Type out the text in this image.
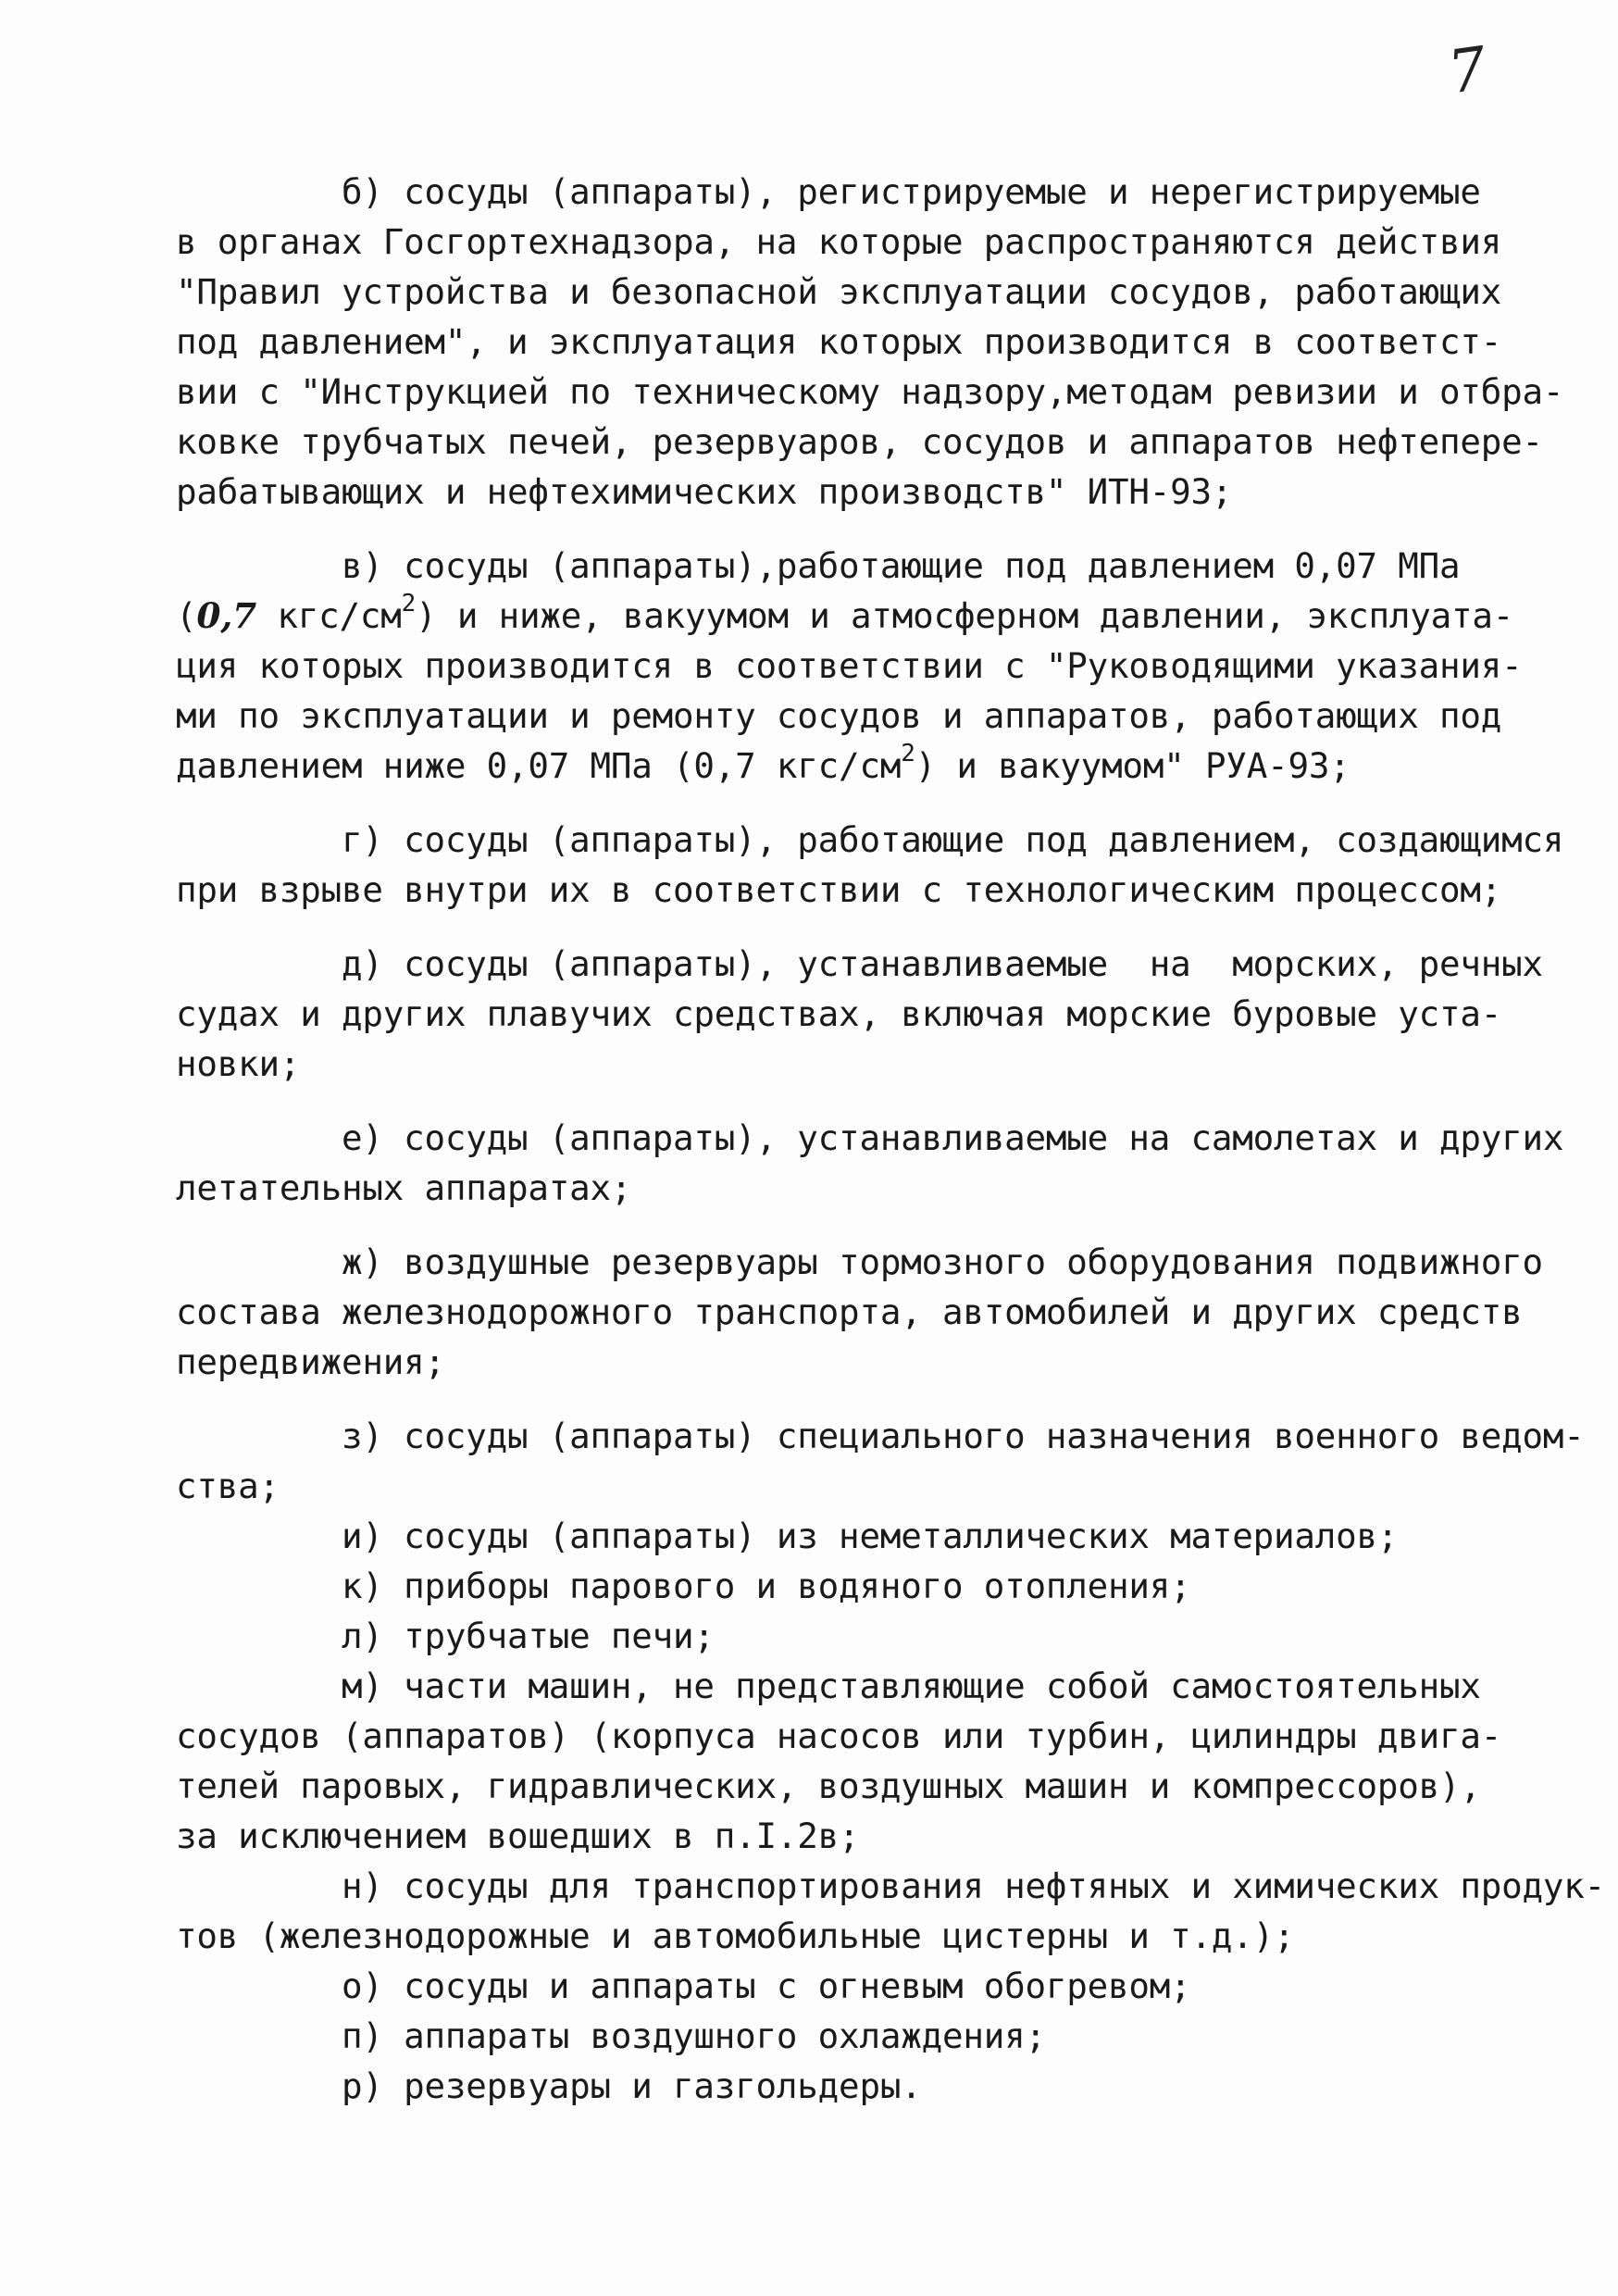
7

б) сосуды (аппараты), регистрируемые и нерегистрируемые
в органах Госгортехнадзора, на которые распространяются действия
"Правил устройства и безопасной эксплуатации сосудов, работающих
под давлением", и эксплуатация которых производится в соответст-
вии с "Инструкцией по техническому надзору,методам ревизии и отбра-
ковке трубчатых печей, резервуаров, сосудов и аппаратов нефтепере-
рабатывающих и нефтехимических производств" ИТН-93;

в) сосуды (аппараты),работающие под давлением 0,07 МПа
(0,7 кгс/$см^2$) и ниже, вакуумом и атмосферном давлении, эксплуата-
ция которых производится в соответствии с "Руководящими указания-
ми по эксплуатации и ремонту сосудов и аппаратов, работающих под
давлением ниже 0,07 МПа (0,7 кгс/$см^2$) и вакуумом" РУА-93;

г) сосуды (аппараты), работающие под давлением, создающимся
при взрыве внутри их в соответствии с технологическим процессом;

д) сосуды (аппараты), устанавливаемые  на  морских, речных
судах и других плавучих средствах, включая морские буровые уста-
новки;

е) сосуды (аппараты), устанавливаемые на самолетах и других
летательных аппаратах;

ж) воздушные резервуары тормозного оборудования подвижного
состава железнодорожного транспорта, автомобилей и других средств
передвижения;

з) сосуды (аппараты) специального назначения военного ведом-
ства;

и) сосуды (аппараты) из неметаллических материалов;

к) приборы парового и водяного отопления;

л) трубчатые печи;

м) части машин, не представляющие собой самостоятельных
сосудов (аппаратов) (корпуса насосов или турбин, цилиндры двига-
телей паровых, гидравлических, воздушных машин и компрессоров),
за исключением вошедших в п.I.2в;

н) сосуды для транспортирования нефтяных и химических продук-
тов (железнодорожные и автомобильные цистерны и т.д.);

о) сосуды и аппараты с огневым обогревом;

п) аппараты воздушного охлаждения;

р) резервуары и газгольдеры.
